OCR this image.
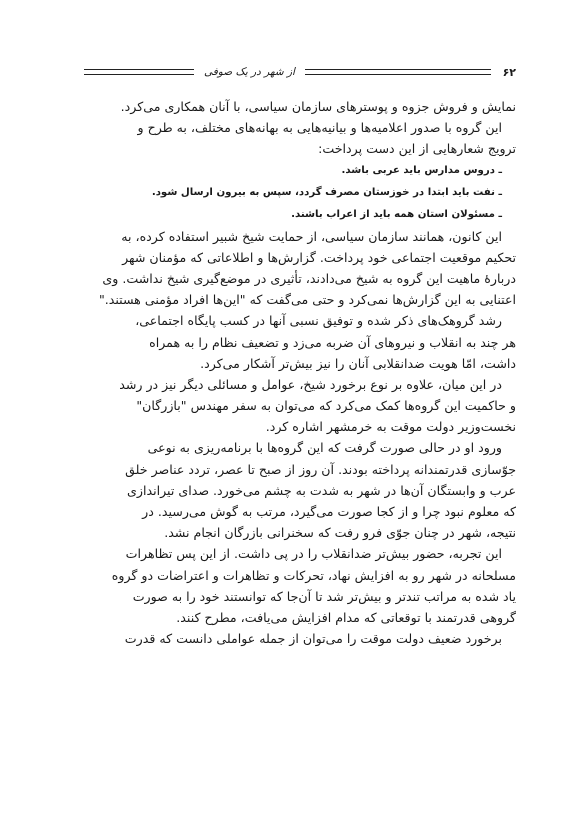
۶۲
از شهر در یک صوفی
نمایش و فروش جزوه و پوسترهای سازمان سیاسی، با آنان همکاری می‌کرد.
این گروه با صدور اعلامیه‌ها و بیانیه‌هایی به بهانه‌های مختلف، به طرح و
ترویج شعارهایی از این دست پرداخت:
ـ دروس مدارس باید عربی باشد.
ـ نفت باید ابتدا در خوزستان مصرف گردد، سپس به بیرون ارسال شود.
ـ مسئولان استان همه باید از اعراب باشند.
این کانون، همانند سازمان سیاسی، از حمایت شیخ شبیر استفاده کرده، به
تحکیم موقعیت اجتماعی خود پرداخت. گزارش‌ها و اطلاعاتی که مؤمنان شهر
دربارهٔ ماهیت این گروه به شیخ می‌دادند، تأثیری در موضع‌گیری شیخ نداشت. وی
اعتنایی به این گزارش‌ها نمی‌کرد و حتی می‌گفت که "این‌ها افراد مؤمنی هستند."
رشد گروهک‌های ذکر شده و توفیق نسبی آنها در کسب پایگاه اجتماعی،
هر چند به انقلاب و نیروهای آن ضربه می‌زد و تضعیف نظام را به همراه
داشت، امّا هویت ضدانقلابی آنان را نیز بیش‌تر آشکار می‌کرد.
در این میان، علاوه بر نوع برخورد شیخ، عوامل و مسائلی دیگر نیز در رشد
و حاکمیت این گروه‌ها کمک می‌کرد که می‌توان به سفر مهندس "بازرگان"
نخست‌وزیر دولت موقت به خرمشهر اشاره کرد.
ورود او در حالی صورت گرفت که این گروه‌ها با برنامه‌ریزی به نوعی
جوّسازی قدرتمندانه پرداخته بودند. آن روز از صبح تا عصر، تردد عناصر خلق
عرب و وابستگان آن‌ها در شهر به شدت به چشم می‌خورد. صدای تیراندازی
که معلوم نبود چرا و از کجا صورت می‌گیرد، مرتب به گوش می‌رسید. در
نتیجه، شهر در چنان جوّی فرو رفت که سخنرانی بازرگان انجام نشد.
این تجربه، حضور بیش‌تر ضدانقلاب را در پی داشت. از این پس تظاهرات
مسلحانه در شهر رو به افزایش نهاد، تحرکات و تظاهرات و اعتراضات دو گروه
یاد شده به مراتب تندتر و بیش‌تر شد تا آن‌جا که توانستند خود را به صورت
گروهی قدرتمند با توقعاتی که مدام افزایش می‌یافت، مطرح کنند.
برخورد ضعیف دولت موقت را می‌توان از جمله عواملی دانست که قدرت
